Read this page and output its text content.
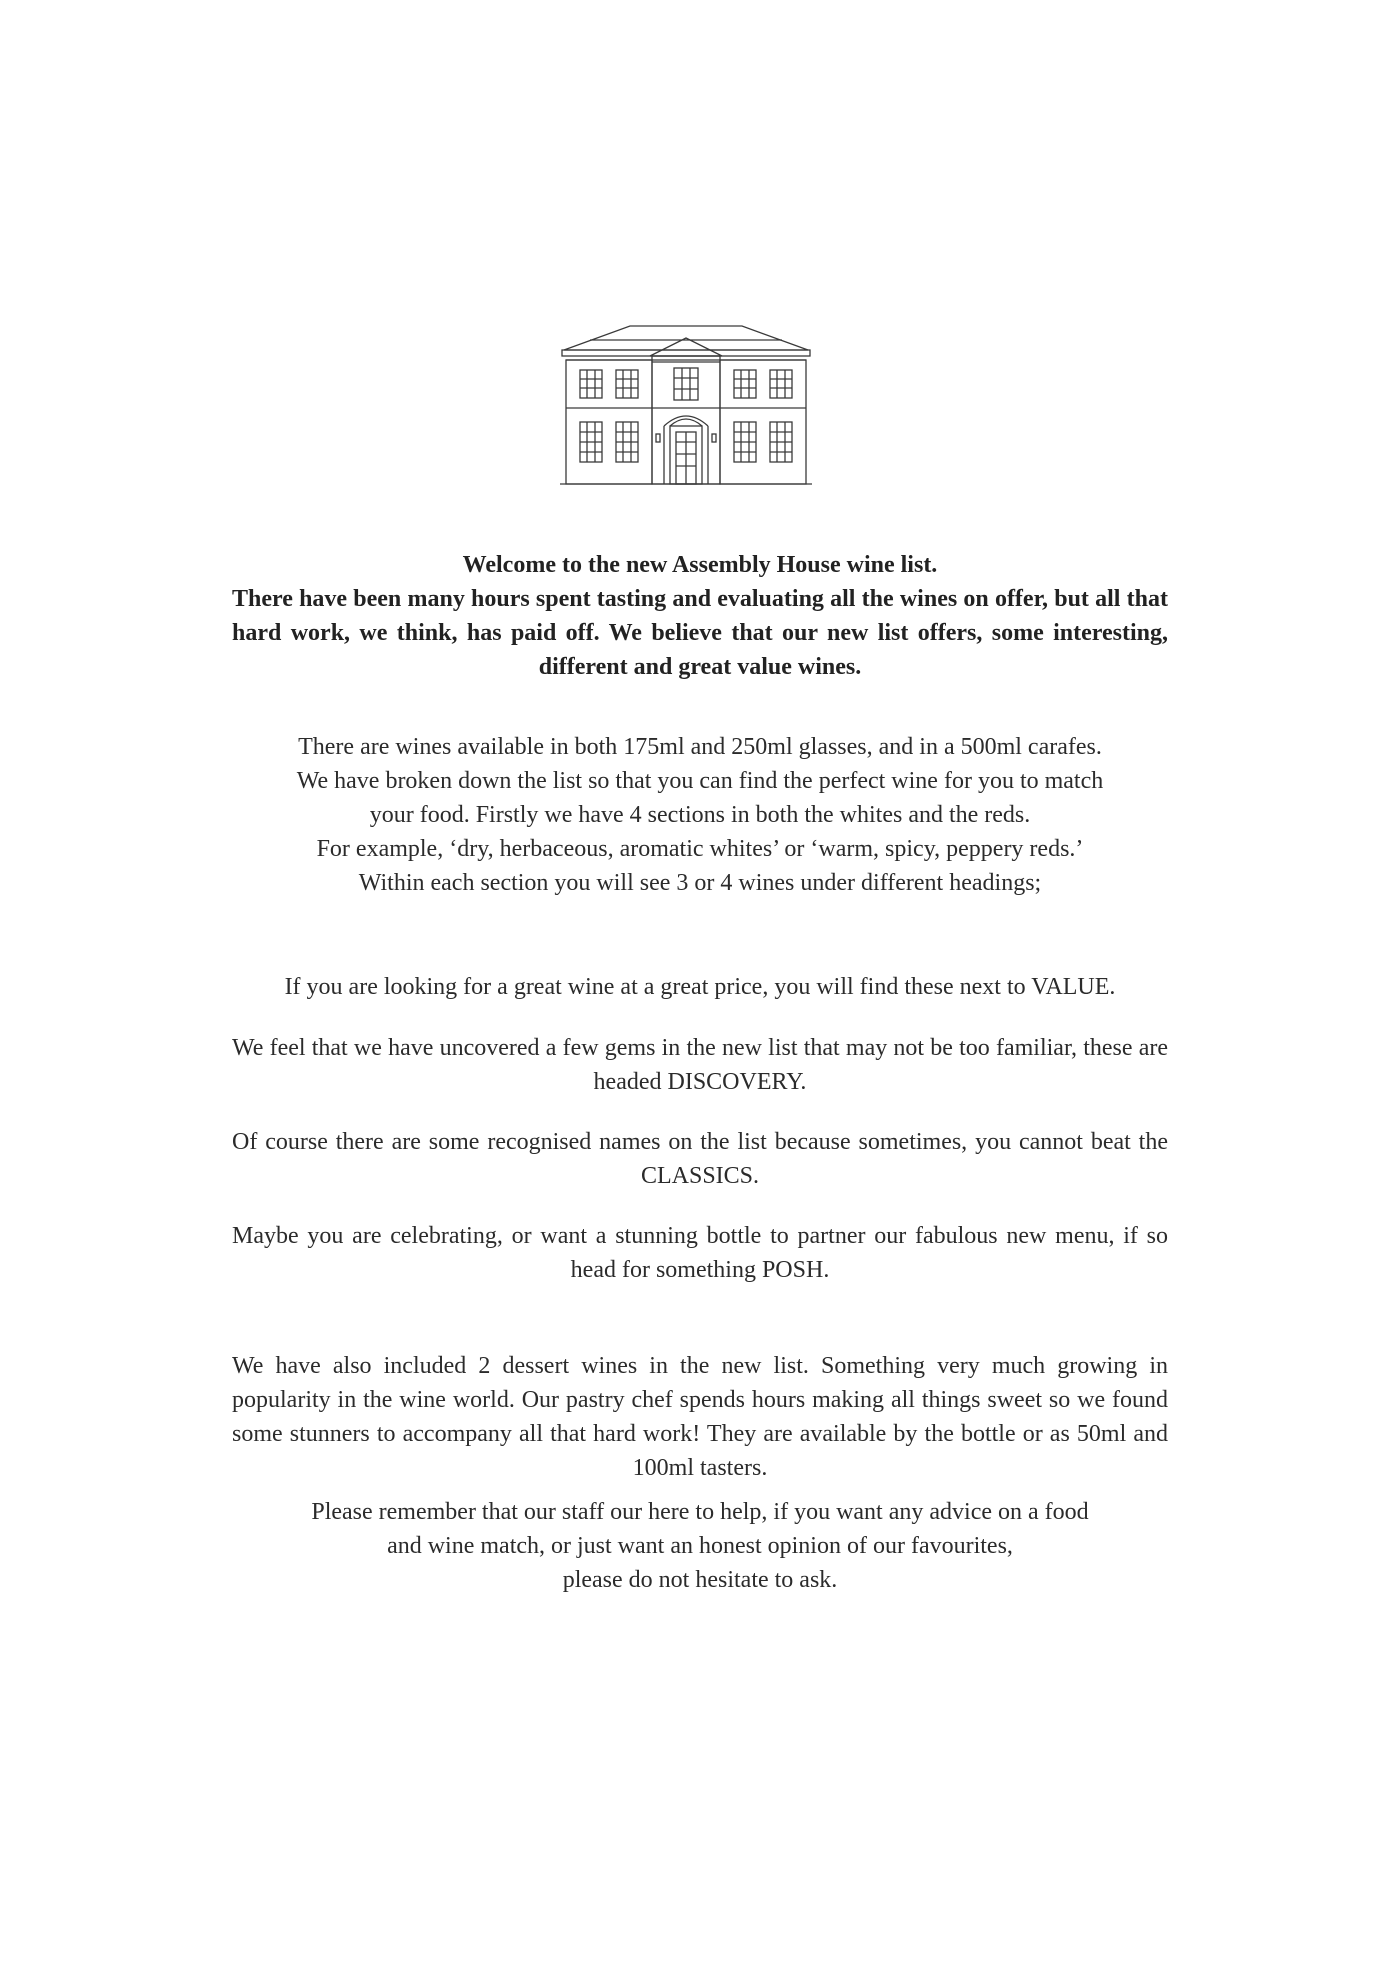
Welcome to the new Assembly House wine list.
There have been many hours spent tasting and evaluating all the wines on offer, but all that hard work, we think, has paid off. We believe that our new list offers, some interesting, different and great value wines.

There are wines available in both 175ml and 250ml glasses, and in a 500ml carafes.
We have broken down the list so that you can find the perfect wine for you to match
your food. Firstly we have 4 sections in both the whites and the reds.
For example, ‘dry, herbaceous, aromatic whites’ or ‘warm, spicy, peppery reds.’
Within each section you will see 3 or 4 wines under different headings;

If you are looking for a great wine at a great price, you will find these next to VALUE.

We feel that we have uncovered a few gems in the new list that may not be too familiar, these are headed DISCOVERY.

Of course there are some recognised names on the list because sometimes, you cannot beat the CLASSICS.

Maybe you are celebrating, or want a stunning bottle to partner our fabulous new menu, if so head for something POSH.

We have also included 2 dessert wines in the new list. Something very much growing in popularity in the wine world. Our pastry chef spends hours making all things sweet so we found some stunners to accompany all that hard work! They are available by the bottle or as 50ml and 100ml tasters.

Please remember that our staff our here to help, if you want any advice on a food
and wine match, or just want an honest opinion of our favourites,
please do not hesitate to ask.
